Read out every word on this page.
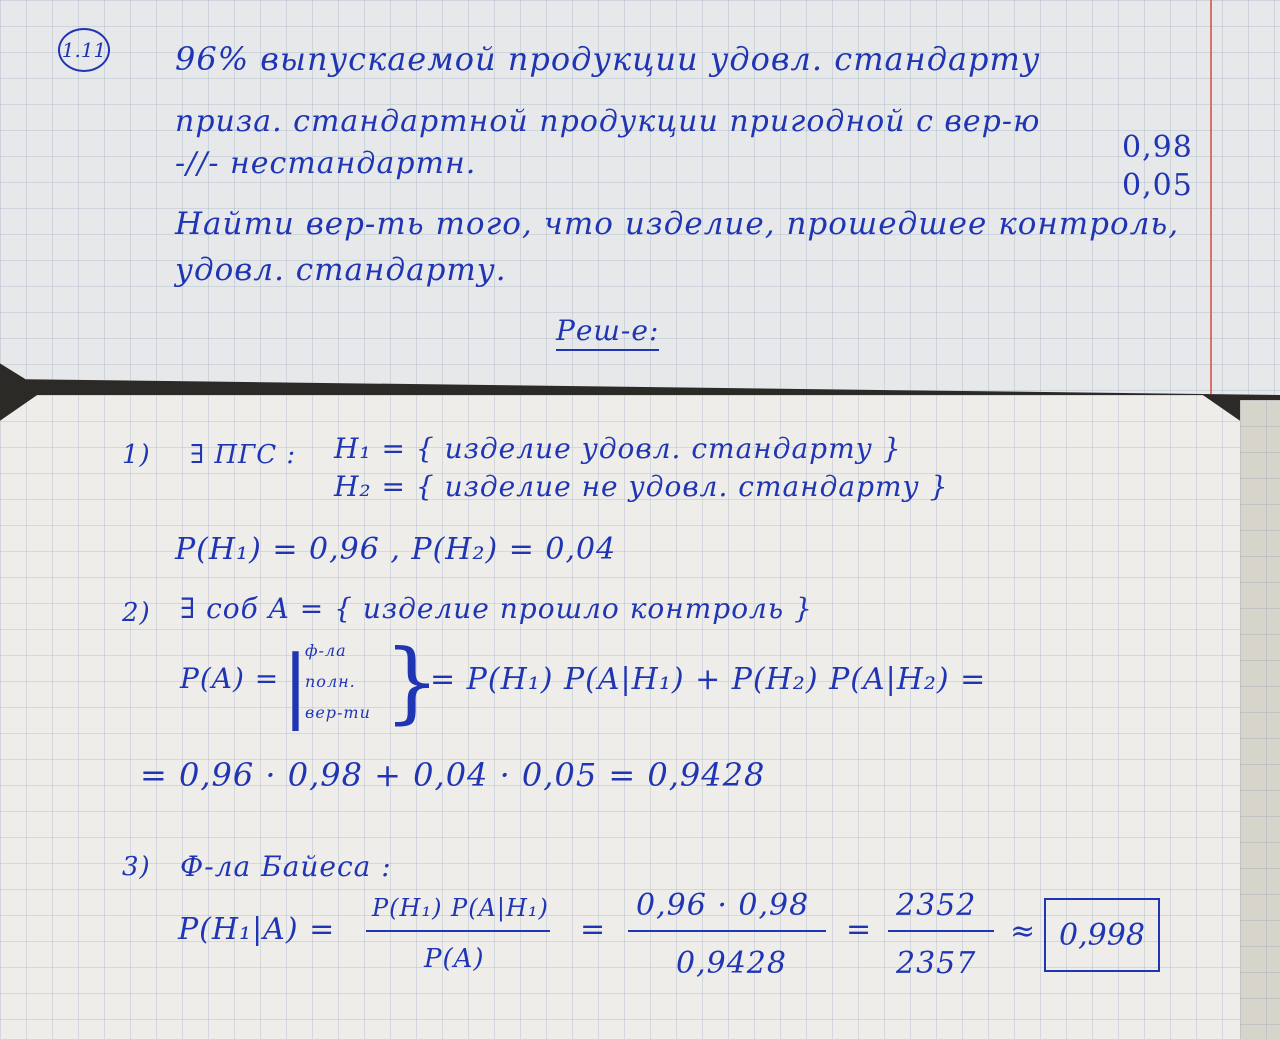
1.11 96% выпускаемой продукции удовл. стандарту
приза. стандартной продукции пригодной с вер-ю
0,98
-//- нестандартн.
0,05
Найти вер-ть того, что изделие, прошедшее контроль,
удовл. стандарту.
Реш-е:
1) ∃ ПГС : H₁ = { изделие удовл. стандарту }
H₂ = { изделие не удовл. стандарту }
P(H₁) = 0,96 , P(H₂) = 0,04
2) ∃ соб A = { изделие прошло контроль }
P(A) = |
ф-ла
полн.
вер-ти }
= P(H₁) P(A|H₁) + P(H₂) P(A|H₂) =
= 0,96 · 0,98 + 0,04 · 0,05 = 0,9428
3) Ф-ла Байеса :
P(H₁|A) =
P(H₁) P(A|H₁)
P(A)
=
0,96 · 0,98
0,9428
=
2352
2357
≈ 0,998
